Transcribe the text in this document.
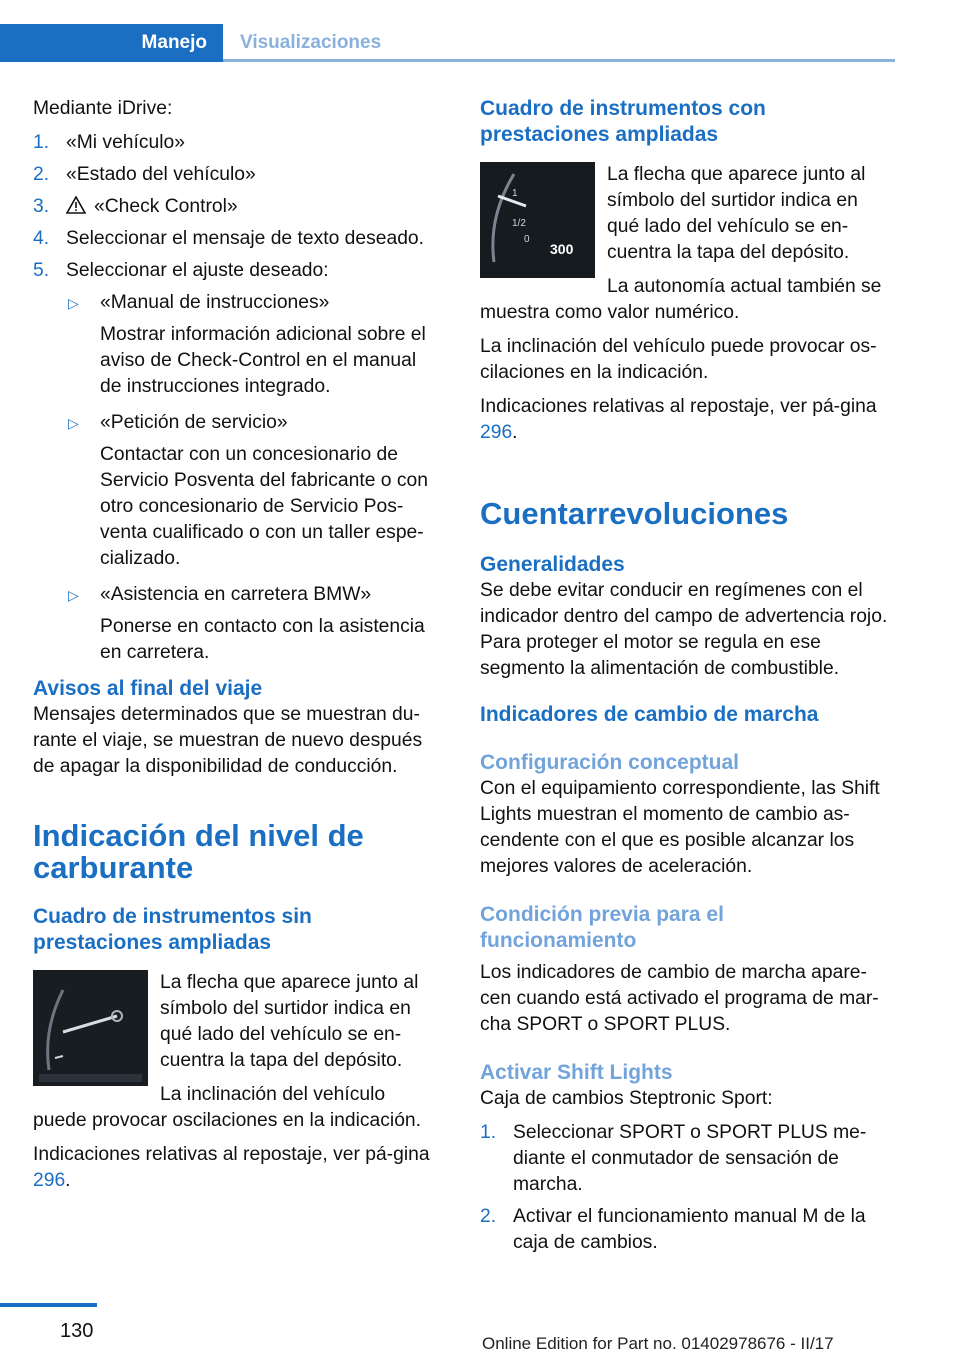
Manejo	Visualizaciones

Mediante iDrive:

1. «Mi vehículo»
2. «Estado del vehículo»
3. «Check Control»
4. Seleccionar el mensaje de texto deseado.
5. Seleccionar el ajuste deseado:
▷ «Manual de instrucciones»

Mostrar información adicional sobre el aviso de Check-Control en el manual de instrucciones integrado.

▷ «Petición de servicio»

Contactar con un concesionario de Servicio Posventa del fabricante o con otro concesionario de Servicio Pos-venta cualificado o con un taller espe-cializado.

▷ «Asistencia en carretera BMW»

Ponerse en contacto con la asistencia en carretera.

Avisos al final del viaje

Mensajes determinados que se muestran du-rante el viaje, se muestran de nuevo después de apagar la disponibilidad de conducción.

Indicación del nivel de carburante

Cuadro de instrumentos sin prestaciones ampliadas

La flecha que aparece junto al símbolo del surtidor indica en qué lado del vehículo se en-cuentra la tapa del depósito.

La inclinación del vehículo puede provocar oscilaciones en la indicación.

Indicaciones relativas al repostaje, ver pá-gina 296.

Cuadro de instrumentos con prestaciones ampliadas

1
1/2
0
300

La flecha que aparece junto al símbolo del surtidor indica en qué lado del vehículo se en-cuentra la tapa del depósito.

La autonomía actual también se muestra como valor numérico.

La inclinación del vehículo puede provocar os-cilaciones en la indicación.

Indicaciones relativas al repostaje, ver pá-gina 296.

Cuentarrevoluciones

Generalidades

Se debe evitar conducir en regímenes con el indicador dentro del campo de advertencia rojo. Para proteger el motor se regula en ese segmento la alimentación de combustible.

Indicadores de cambio de marcha

Configuración conceptual

Con el equipamiento correspondiente, las Shift Lights muestran el momento de cambio as-cendente con el que es posible alcanzar los mejores valores de aceleración.

Condición previa para el funcionamiento

Los indicadores de cambio de marcha apare-cen cuando está activado el programa de mar-cha SPORT o SPORT PLUS.

Activar Shift Lights

Caja de cambios Steptronic Sport:

1. Seleccionar SPORT o SPORT PLUS me-diante el conmutador de sensación de marcha.
2. Activar el funcionamiento manual M de la caja de cambios.
130
Online Edition for Part no. 01402978676 - II/17
